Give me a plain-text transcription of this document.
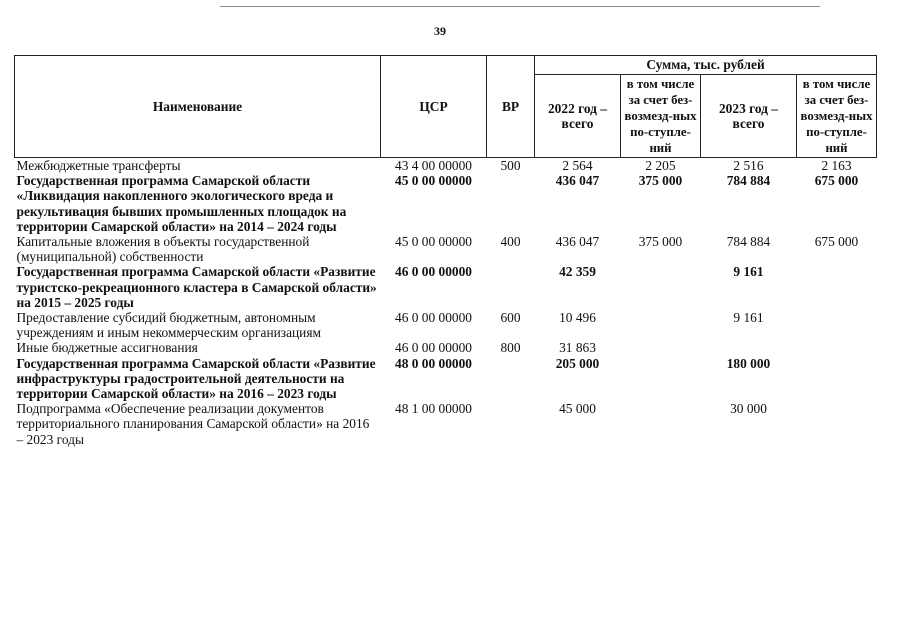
39
Наименование	ЦСР	ВР	Сумма, тыс. рублей			
			2022 год – всего	в том числе за счет без-возмезд-ных по-ступле-ний	2023 год – всего	в том числе за счет без-возмезд-ных по-ступле-ний
Межбюджетные трансферты	43 4 00 00000	500	2 564	2 205	2 516	2 163
Государственная программа Самарской области «Ликвидация накопленного экологического вреда и рекультивация бывших промышленных площадок на территории Самарской области» на 2014 – 2024 годы	45 0 00 00000		436 047	375 000	784 884	675 000
Капитальные вложения в объекты государственной (муниципальной) собственности	45 0 00 00000	400	436 047	375 000	784 884	675 000
Государственная программа Самарской области «Развитие туристско-рекреационного кластера в Самарской области» на 2015 – 2025 годы	46 0 00 00000		42 359		9 161	
Предоставление субсидий бюджетным, автономным учреждениям и иным некоммерческим организациям	46 0 00 00000	600	10 496		9 161	
Иные бюджетные ассигнования	46 0 00 00000	800	31 863			
Государственная программа Самарской области «Развитие инфраструктуры градостроительной деятельности на территории Самарской области» на 2016 – 2023 годы	48 0 00 00000		205 000		180 000	
Подпрограмма «Обеспечение реализации документов территориального планирования Самарской области» на 2016 – 2023 годы	48 1 00 00000		45 000		30 000	
